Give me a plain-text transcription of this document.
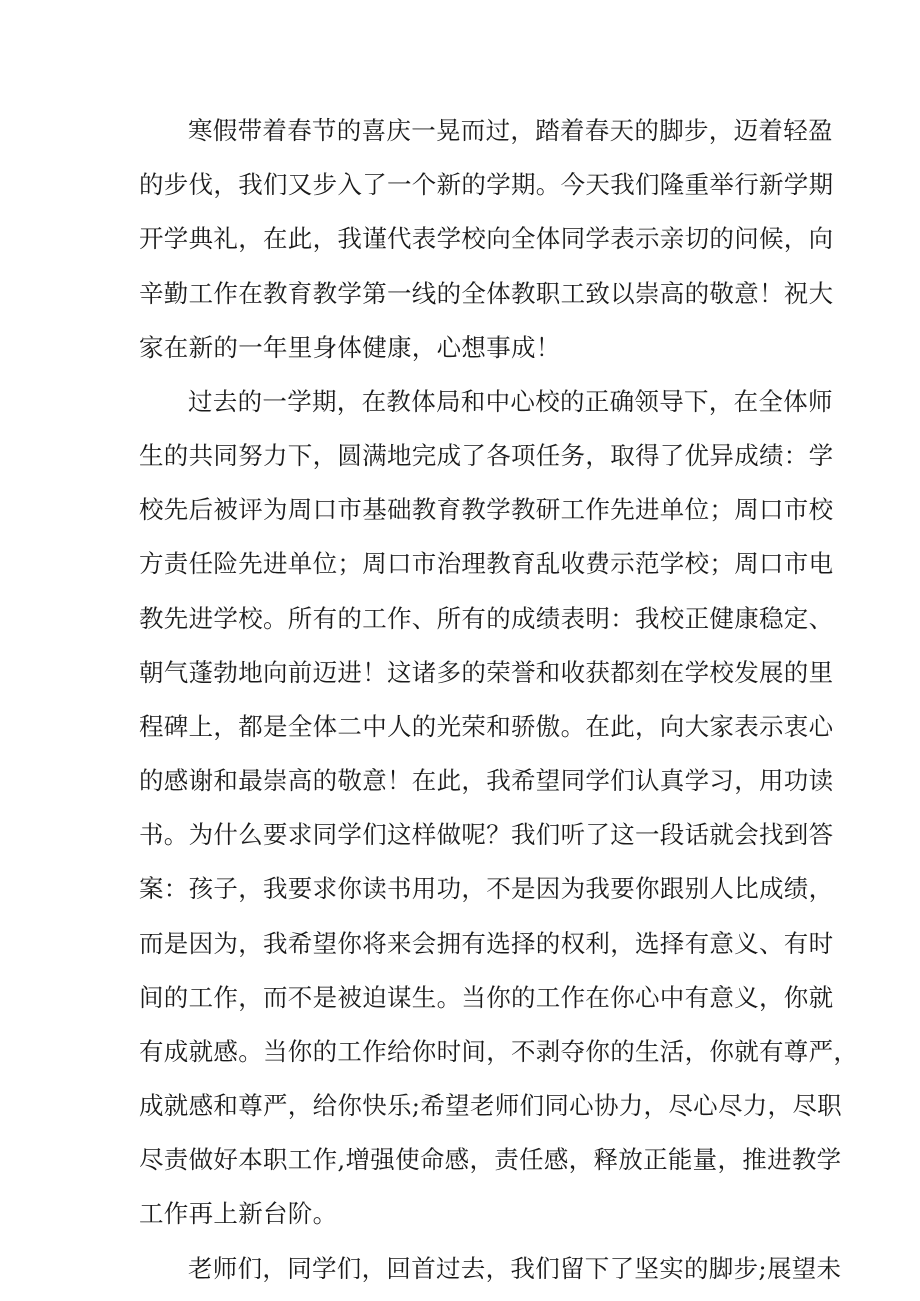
寒假带着春节的喜庆一晃而过，踏着春天的脚步，迈着轻盈
的步伐，我们又步入了一个新的学期。今天我们隆重举行新学期
开学典礼，在此，我谨代表学校向全体同学表示亲切的问候，向
辛勤工作在教育教学第一线的全体教职工致以崇高的敬意！祝大
家在新的一年里身体健康，心想事成！
过去的一学期，在教体局和中心校的正确领导下，在全体师
生的共同努力下，圆满地完成了各项任务，取得了优异成绩：学
校先后被评为周口市基础教育教学教研工作先进单位；周口市校
方责任险先进单位；周口市治理教育乱收费示范学校；周口市电
教先进学校。所有的工作、所有的成绩表明：我校正健康稳定、
朝气蓬勃地向前迈进！这诸多的荣誉和收获都刻在学校发展的里
程碑上，都是全体二中人的光荣和骄傲。在此，向大家表示衷心
的感谢和最崇高的敬意！在此，我希望同学们认真学习，用功读
书。为什么要求同学们这样做呢？我们听了这一段话就会找到答
案：孩子，我要求你读书用功，不是因为我要你跟别人比成绩，
而是因为，我希望你将来会拥有选择的权利，选择有意义、有时
间的工作，而不是被迫谋生。当你的工作在你心中有意义，你就
有成就感。当你的工作给你时间，不剥夺你的生活，你就有尊严，
成就感和尊严，给你快乐;希望老师们同心协力，尽心尽力，尽职
尽责做好本职工作,增强使命感，责任感，释放正能量，推进教学
工作再上新台阶。
老师们，同学们，回首过去，我们留下了坚实的脚步;展望未
